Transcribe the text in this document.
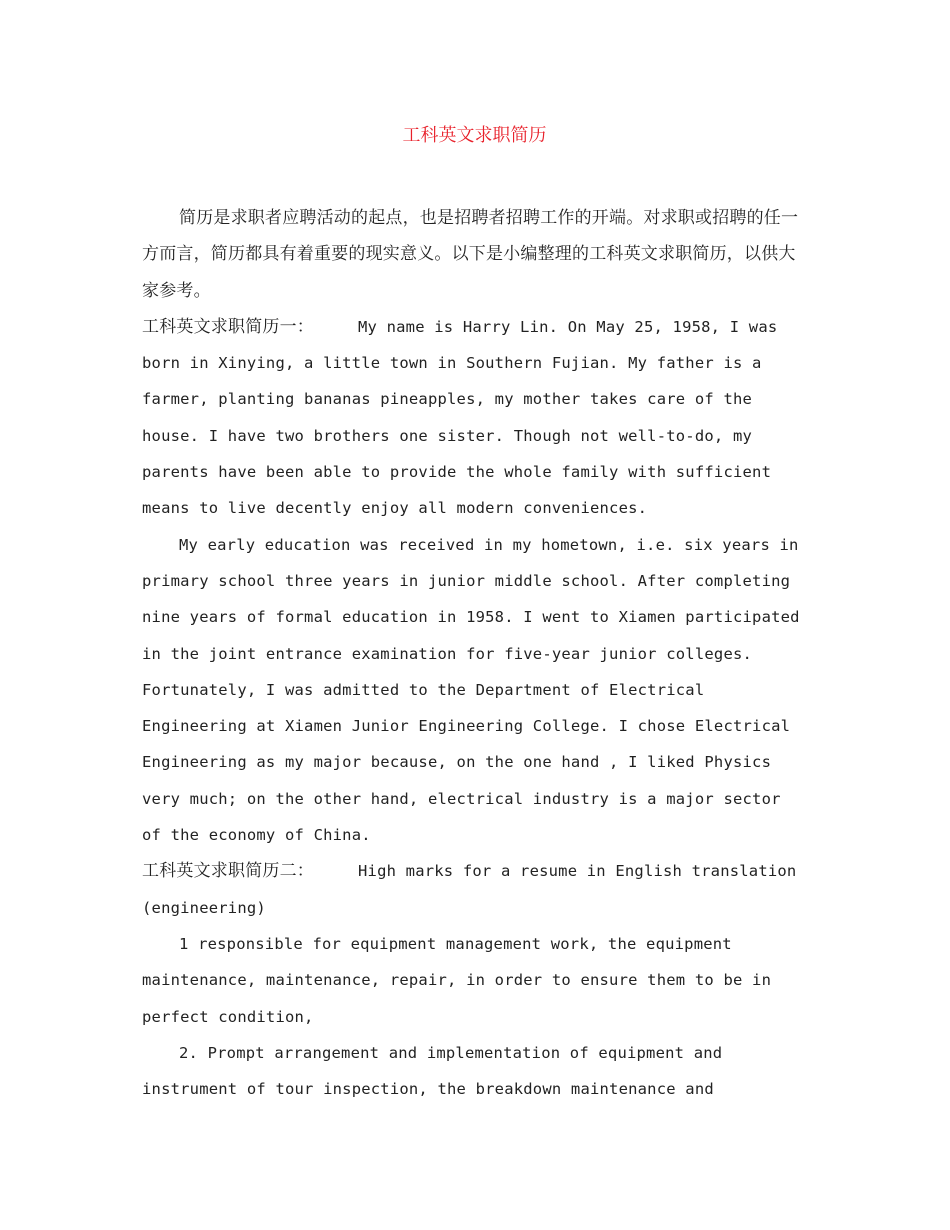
工科英文求职简历

简历是求职者应聘活动的起点，也是招聘者招聘工作的开端。对求职或招聘的任一方而言，简历都具有着重要的现实意义。以下是小编整理的工科英文求职简历，以供大家参考。

工科英文求职简历一：	My name is Harry Lin. On May 25, 1958, I was born in Xinying, a little town in Southern Fujian. My father is a farmer, planting bananas pineapples, my mother takes care of the house. I have two brothers one sister. Though not well-to-do, my parents have been able to provide the whole family with sufficient means to live decently enjoy all modern conveniences.

My early education was received in my hometown, i.e. six years in primary school three years in junior middle school. After completing nine years of formal education in 1958. I went to Xiamen participated in the joint entrance examination for five-year junior colleges. Fortunately, I was admitted to the Department of Electrical Engineering at Xiamen Junior Engineering College. I chose Electrical Engineering as my major because, on the one hand , I liked Physics very much; on the other hand, electrical industry is a major sector of the economy of China.

工科英文求职简历二：	High marks for a resume in English translation (engineering)

1 responsible for equipment management work, the equipment maintenance, maintenance, repair, in order to ensure them to be in perfect condition,

2. Prompt arrangement and implementation of equipment and instrument of tour inspection, the breakdown maintenance and
